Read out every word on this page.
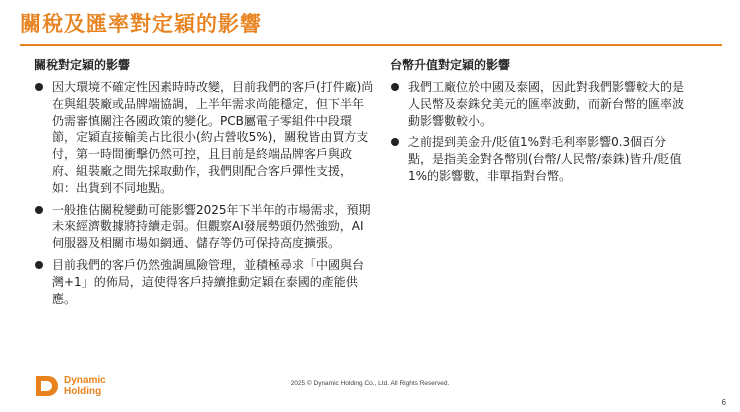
關稅及匯率對定穎的影響
關稅對定穎的影響
因大環境不確定性因素時時改變，目前我們的客戶(打件廠)尚在與組裝廠或品牌端協調，上半年需求尚能穩定，但下半年仍需審慎關注各國政策的變化。PCB屬電子零組件中段環節，定穎直接輸美占比很小(約占營收5%)，關稅皆由買方支付，第一時間衝擊仍然可控，且目前是終端品牌客戶與政府、組裝廠之間先採取動作，我們則配合客戶彈性支援，如：出貨到不同地點。
一般推估關稅變動可能影響2025年下半年的市場需求，預期未來經濟數據將持續走弱。但觀察AI發展勢頭仍然強勁，AI伺服器及相關市場如網通、儲存等仍可保持高度擴張。
目前我們的客戶仍然強調風險管理，並積極尋求「中國與台灣+1」的佈局，這使得客戶持續推動定穎在泰國的產能供應。
台幣升值對定穎的影響
我們工廠位於中國及泰國，因此對我們影響較大的是人民幣及泰銖兌美元的匯率波動，而新台幣的匯率波動影響數較小。
之前提到美金升/貶值1%對毛利率影響0.3個百分點，是指美金對各幣別(台幣/人民幣/泰銖)皆升/貶值1%的影響數，非單指對台幣。
Dynamic
Holding
2025 © Dynamic Holding Co., Ltd. All Rights Reserved.
6
